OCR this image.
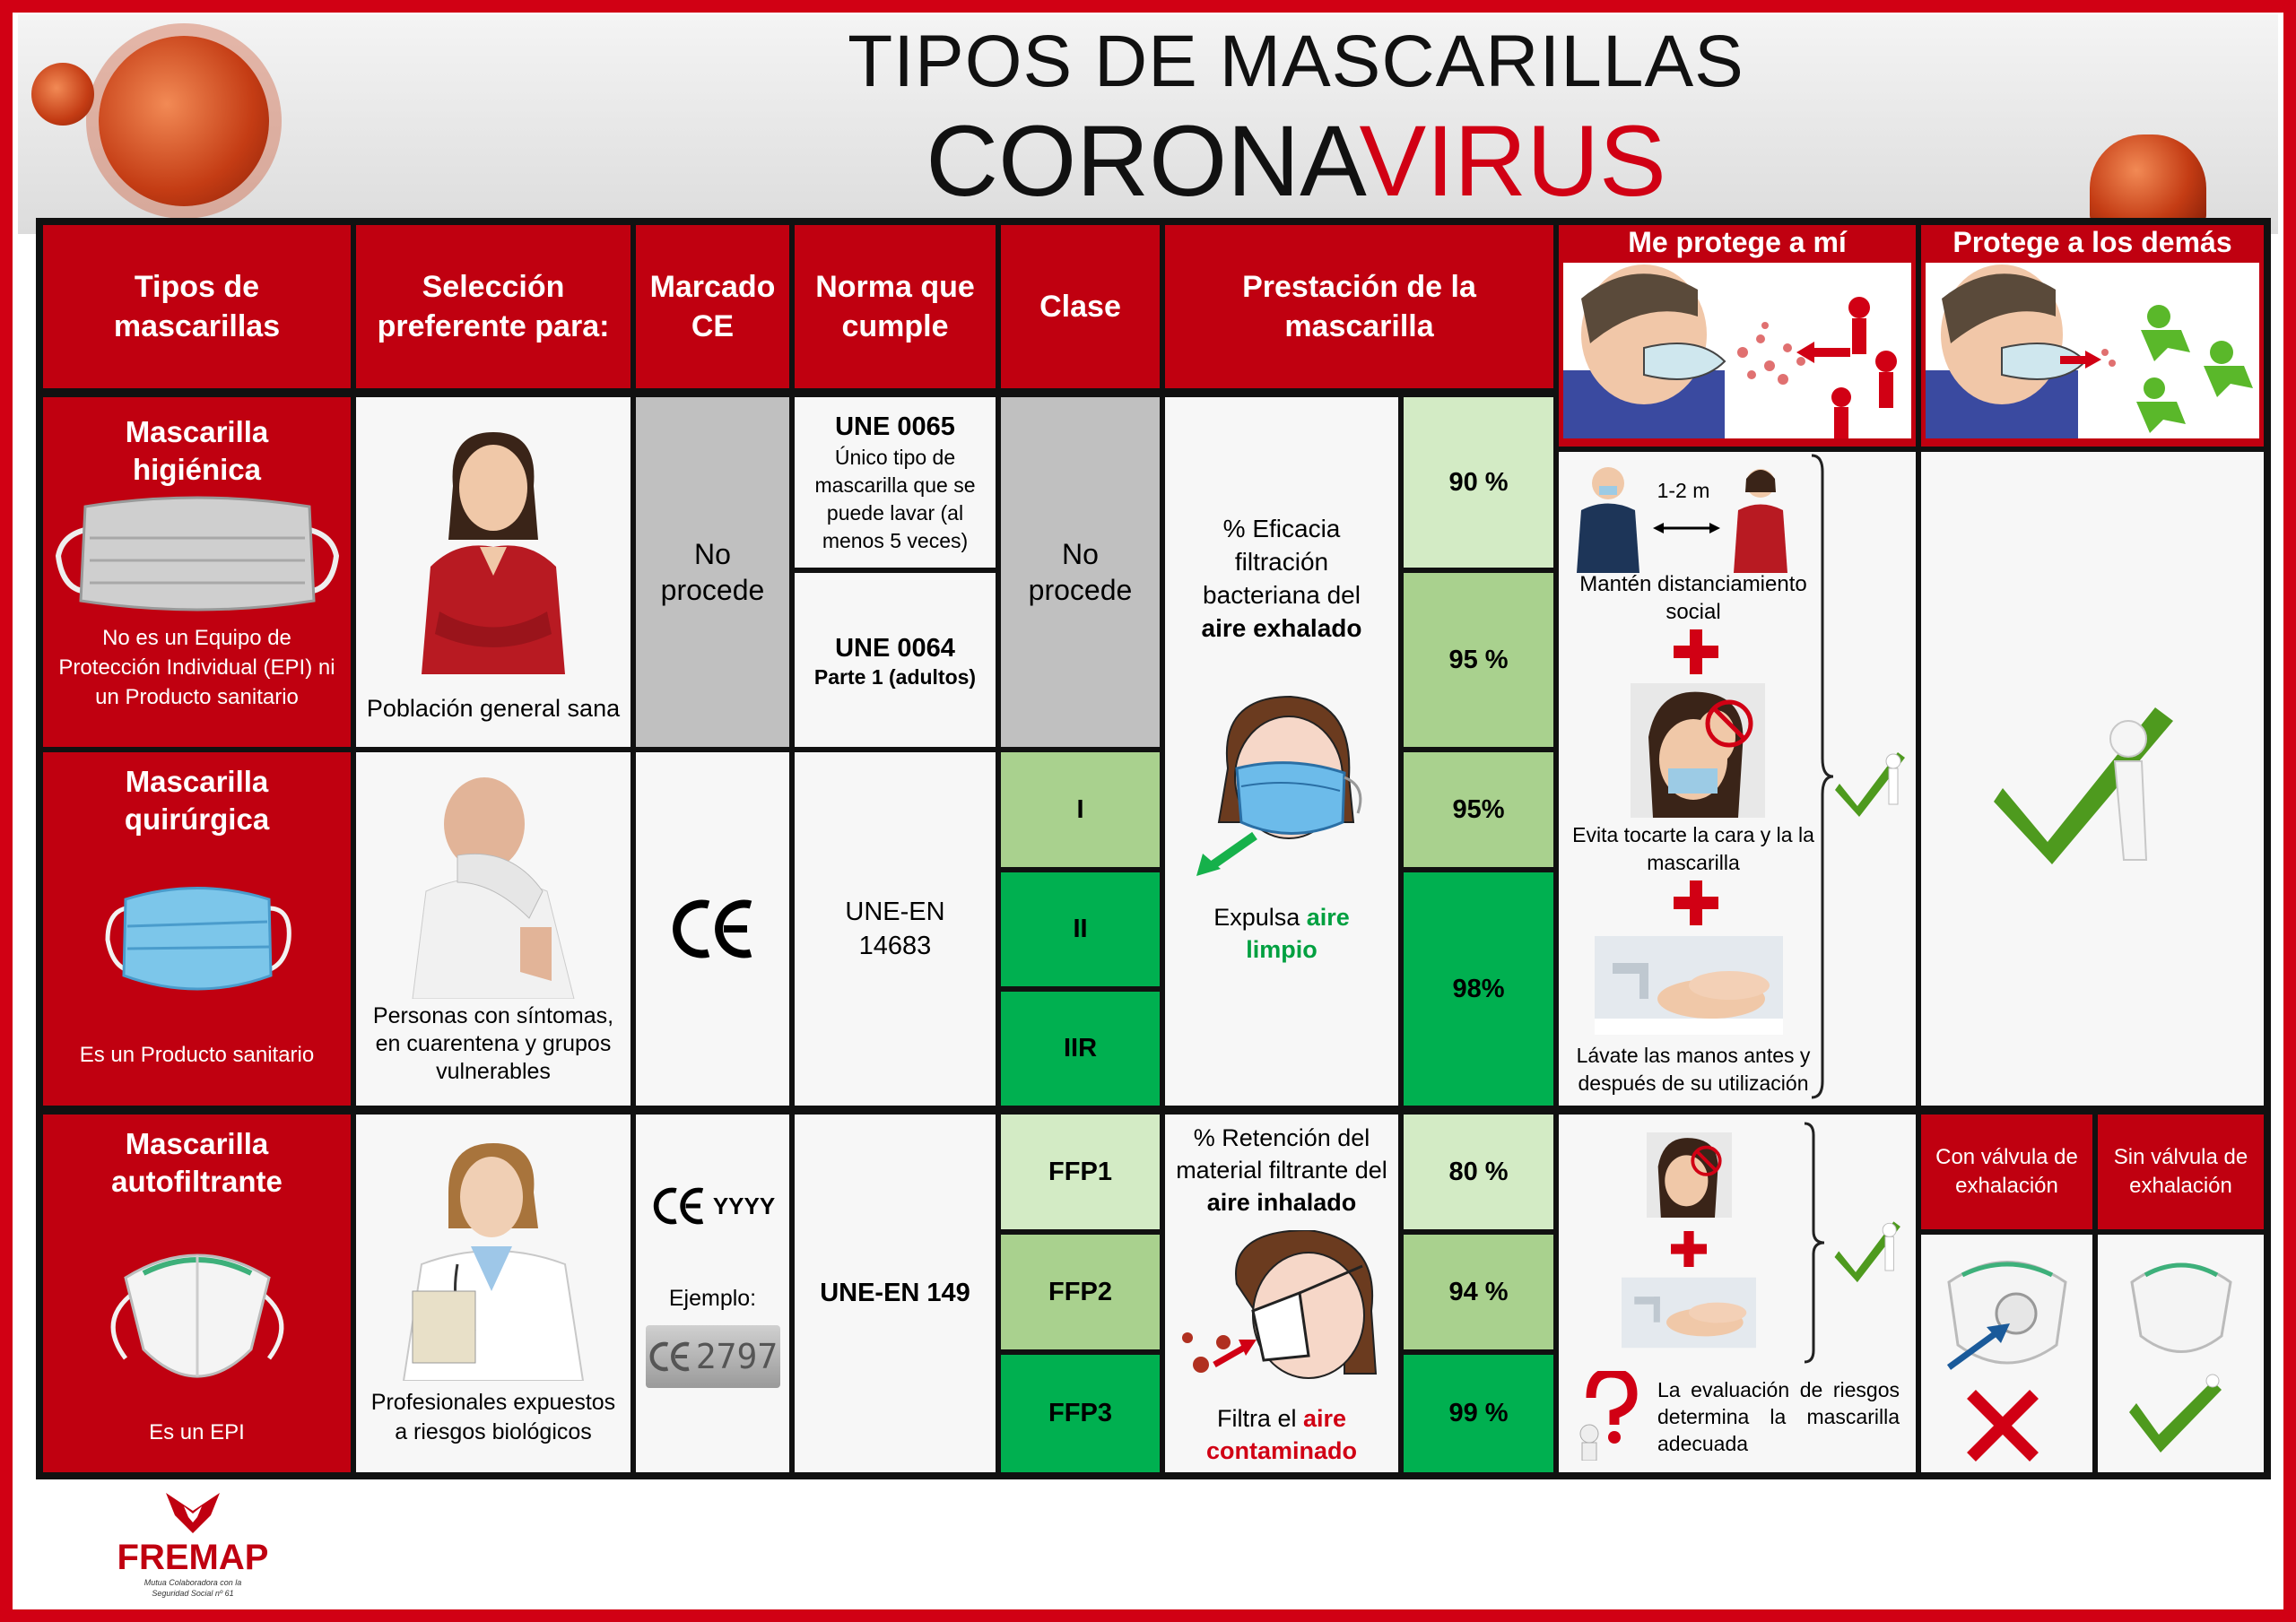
TIPOS DE MASCARILLAS
CORONAVIRUS
Tipos de mascarillas
Selección preferente para:
Marcado CE
Norma que cumple
Clase
Prestación de la mascarilla
Me protege a mí	Protege a los demás
Mascarilla higiénica
No es un Equipo de Protección Individual (EPI) ni un Producto sanitario	Población general sana
No procede
UNE 0065
Único tipo de mascarilla que se puede lavar (al menos 5 veces)
UNE 0064
Parte 1 (adultos)
No procede
% Eficacia filtración bacteriana del aire exhalado
Expulsa aire limpio
90 %
95 %
1-2 m
Mantén distanciamiento social
Evita tocarte la cara y la la mascarilla
Lávate las manos antes y después de su utilización
Mascarilla quirúrgica
Es un Producto sanitario
Personas con síntomas, en cuarentena y grupos vulnerables
UNE-EN 14683
I
II
IIR
95%
98%
Mascarilla autofiltrante
Es un EPI
Profesionales expuestos a riesgos biológicos
YYYY
Ejemplo:
2797
UNE-EN 149
FFP1
FFP2
FFP3
% Retención del material filtrante del aire inhalado
Filtra el aire contaminado
80 %
94 %
99 %
La evaluación de riesgos determina la mascarilla adecuada
Con válvula de exhalación
Sin válvula de exhalación
FREMAP
Mutua Colaboradora con la Seguridad Social nº 61
